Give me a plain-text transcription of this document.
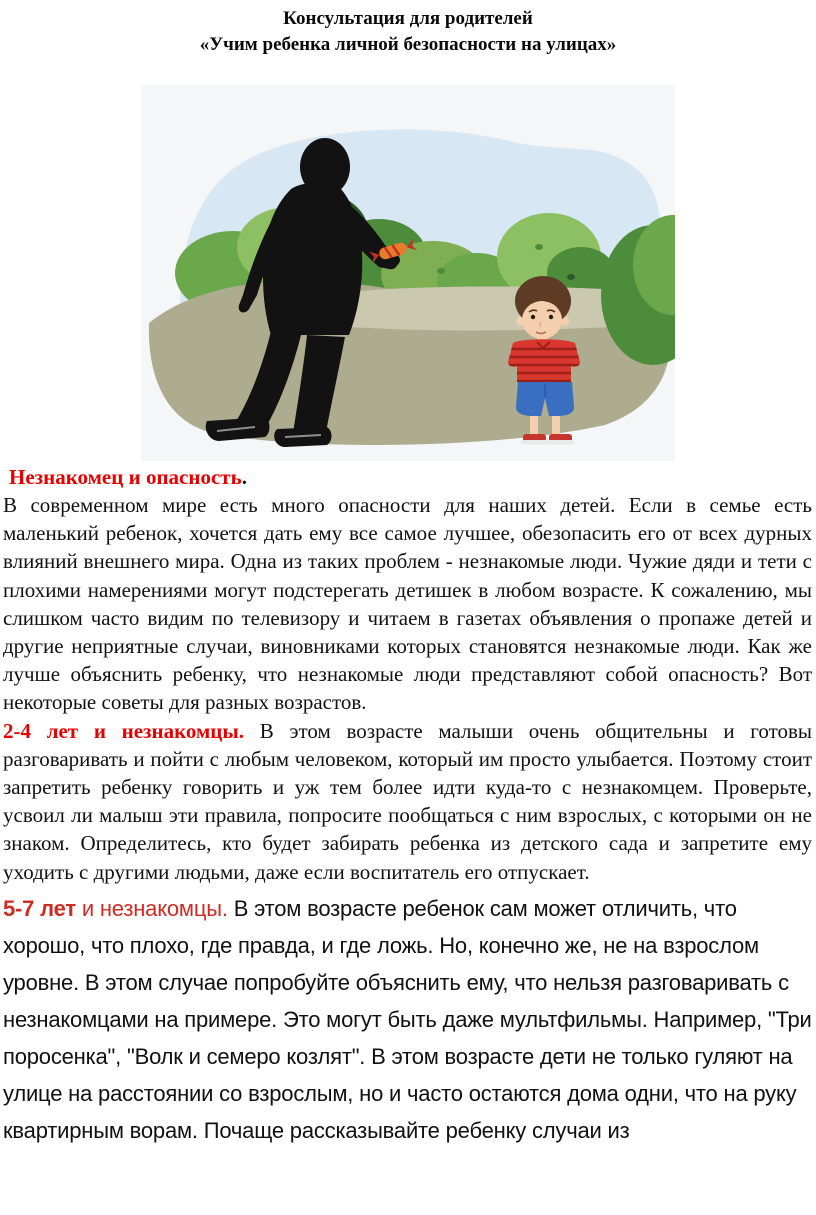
Консультация для родителей
«Учим ребенка личной безопасности на улицах»
Незнакомец и опасность.

В современном мире есть много опасности для наших детей. Если в семье есть маленький ребенок, хочется дать ему все самое лучшее, обезопасить его от всех дурных влияний внешнего мира. Одна из таких проблем - незнакомые люди. Чужие дяди и тети с плохими намерениями могут подстерегать детишек в любом возрасте. К сожалению, мы слишком часто видим по телевизору и читаем в газетах объявления о пропаже детей и другие неприятные случаи, виновниками которых становятся незнакомые люди. Как же лучше объяснить ребенку, что незнакомые люди представляют собой опасность? Вот некоторые советы для разных возрастов.

2-4 лет и незнакомцы. В этом возрасте малыши очень общительны и готовы разговаривать и пойти с любым человеком, который им просто улыбается. Поэтому стоит запретить ребенку говорить и уж тем более идти куда-то с незнакомцем. Проверьте, усвоил ли малыш эти правила, попросите пообщаться с ним взрослых, с которыми он не знаком. Определитесь, кто будет забирать ребенка из детского сада и запретите ему уходить с другими людьми, даже если воспитатель его отпускает.

5-7 лет и незнакомцы. В этом возрасте ребенок сам может отличить, что хорошо, что плохо, где правда, и где ложь. Но, конечно же, не на взрослом уровне. В этом случае попробуйте объяснить ему, что нельзя разговаривать с незнакомцами на примере. Это могут быть даже мультфильмы. Например, "Три поросенка", "Волк и семеро козлят". В этом возрасте дети не только гуляют на улице на расстоянии со взрослым, но и часто остаются дома одни, что на руку квартирным ворам. Почаще рассказывайте ребенку случаи из
